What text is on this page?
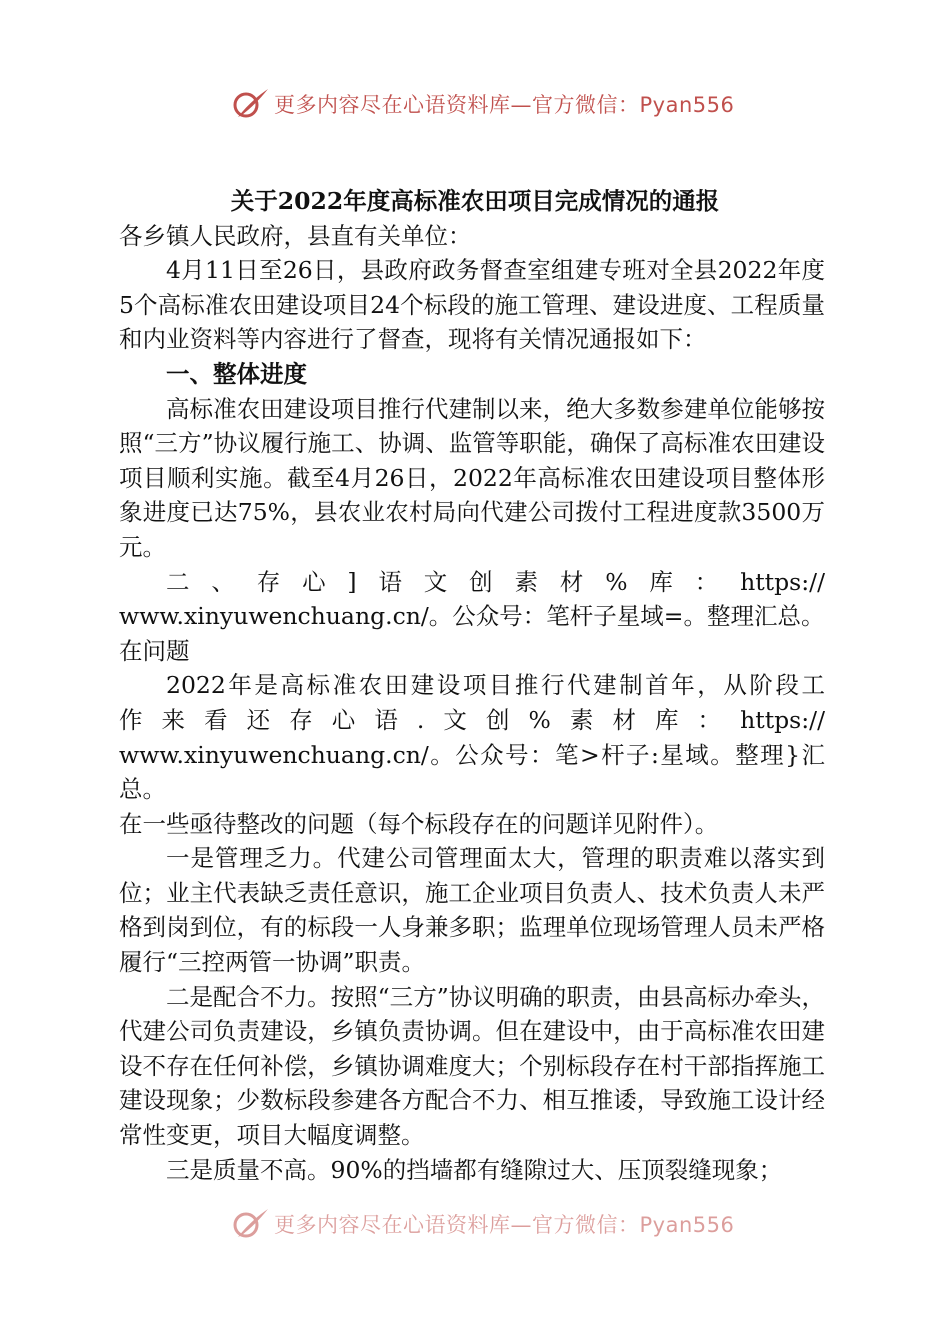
更多内容尽在心语资料库—官方微信：Pyan556
关于2022年度高标准农田项目完成情况的通报

各乡镇人民政府，县直有关单位：

4月11日至26日，县政府政务督查室组建专班对全县2022年度5个高标准农田建设项目24个标段的施工管理、建设进度、工程质量和内业资料等内容进行了督查，现将有关情况通报如下：

一、整体进度

高标准农田建设项目推行代建制以来，绝大多数参建单位能够按照“三方”协议履行施工、协调、监管等职能，确保了高标准农田建设项目顺利实施。截至4月26日，2022年高标准农田建设项目整体形象进度已达75%，县农业农村局向代建公司拨付工程进度款3500万元。

二、存心]语文创素材%库：https://

www.xinyuwenchuang.cn/。公众号：笔杆子星域=。整理汇总。

在问题

2022年是高标准农田建设项目推行代建制首年，从阶段工

作来看还存心语.文创%素材库：https://

www.xinyuwenchuang.cn/。公众号：笔>杆子:星域。整理}汇总。

在一些亟待整改的问题（每个标段存在的问题详见附件）。

一是管理乏力。代建公司管理面太大，管理的职责难以落实到位；业主代表缺乏责任意识，施工企业项目负责人、技术负责人未严格到岗到位，有的标段一人身兼多职；监理单位现场管理人员未严格履行“三控两管一协调”职责。

二是配合不力。按照“三方”协议明确的职责，由县高标办牵头，代建公司负责建设，乡镇负责协调。但在建设中，由于高标准农田建设不存在任何补偿，乡镇协调难度大；个别标段存在村干部指挥施工建设现象；少数标段参建各方配合不力、相互推诿，导致施工设计经常性变更，项目大幅度调整。

三是质量不高。90%的挡墙都有缝隙过大、压顶裂缝现象；

更多内容尽在心语资料库—官方微信：Pyan556
